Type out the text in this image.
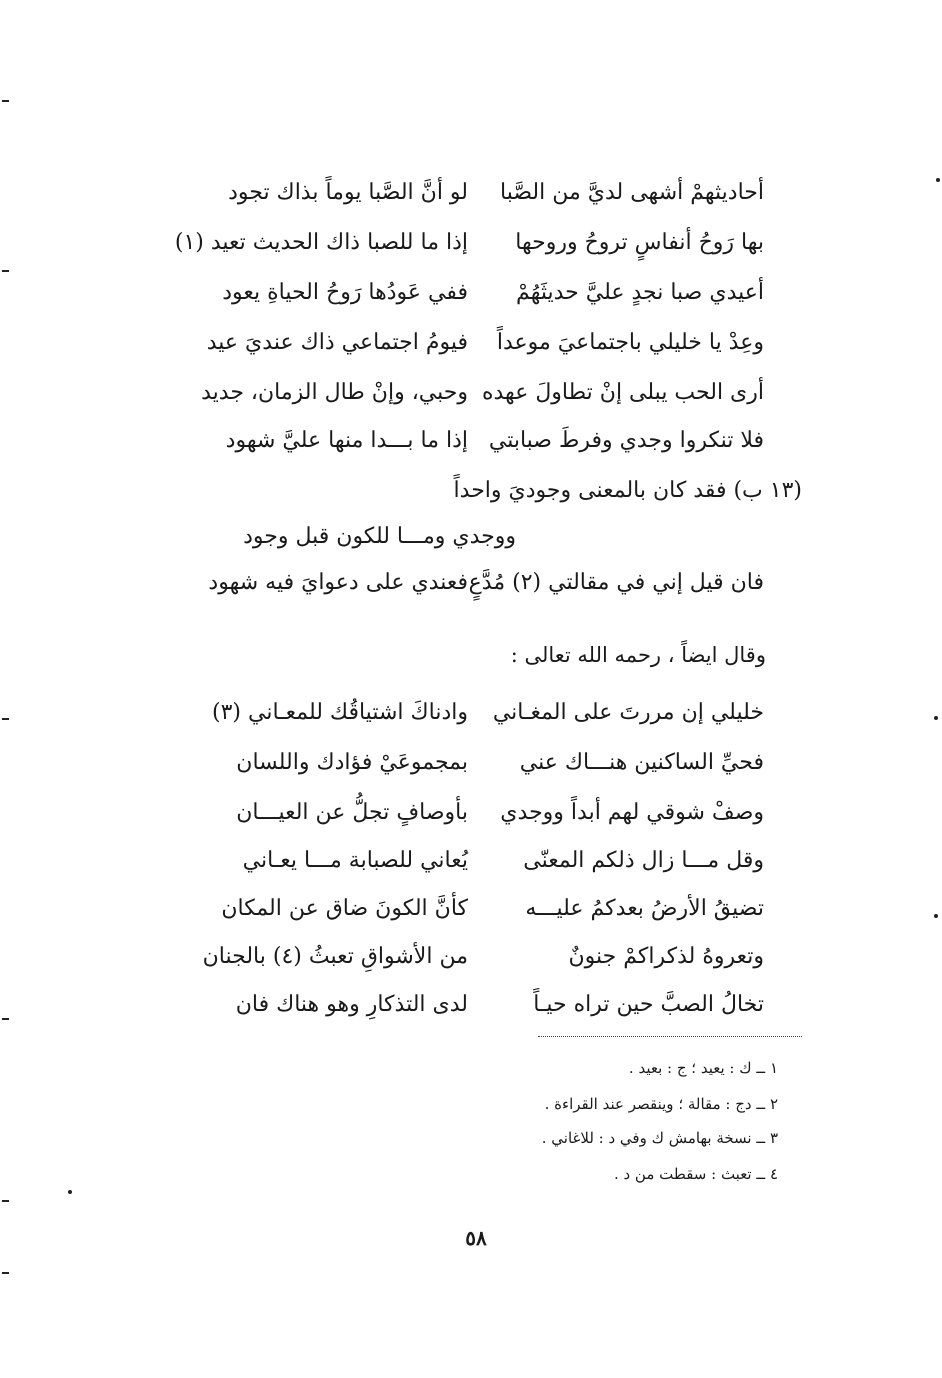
أحاديثهمْ أشهى لديَّ من الصَّبا
لو أنَّ الصَّبا يوماً بذاك تجود
بها رَوحُ أنفاسٍ تروحُ وروحها
إذا ما للصبا ذاك الحديث تعيد (١)
أعيدي صبا نجدٍ عليَّ حديثَهُمْ
ففي عَودُها رَوحُ الحياةِ يعود
وعِدْ يا خليلي باجتماعيَ موعداً
فيومُ اجتماعي ذاك عنديَ عيد
أرى الحب يبلى إنْ تطاولَ عهده
وحبي، وإنْ طال الزمان، جديد
فلا تنكروا وجدي وفرطَ صبابتي
إذا ما بـــدا منها عليَّ شهود
(١٣ ب) فقد كان بالمعنى وجوديَ واحداً
ووجدي ومـــا للكون قبل وجود
فان قيل إني في مقالتي (٢) مُدَّعٍ
فعندي على دعوايَ فيه شهود
وقال ايضاً ، رحمه الله تعالى :
خليلي إن مررتَ على المغـاني
وادناكَ اشتياقُك للمعـاني (٣)
فحيِّ الساكنين هنـــاك عني
بمجموعَيْ فؤادك واللسان
وصفْ شوقي لهم أبداً ووجدي
بأوصافٍ تجلُّ عن العيـــان
وقل مـــا زال ذلكم المعنّى
يُعاني للصبابة مـــا يعـاني
تضيقُ الأرضُ بعدكمُ عليـــه
كأنَّ الكونَ ضاق عن المكان
وتعروهُ لذكراكمْ جنونٌ
من الأشواقِ تعبثُ (٤) بالجنان
تخالُ الصبَّ حين تراه حيـاً
لدى التذكارِ وهو هناك فان
١ ــ ك : يعيد ؛ ج : بعيد .
٢ ــ دج : مقالة ؛ وينقصر عند القراءة .
٣ ــ نسخة بهامش ك وفي د : للاغاني .
٤ ــ تعبث : سقطت من د .
٥٨
